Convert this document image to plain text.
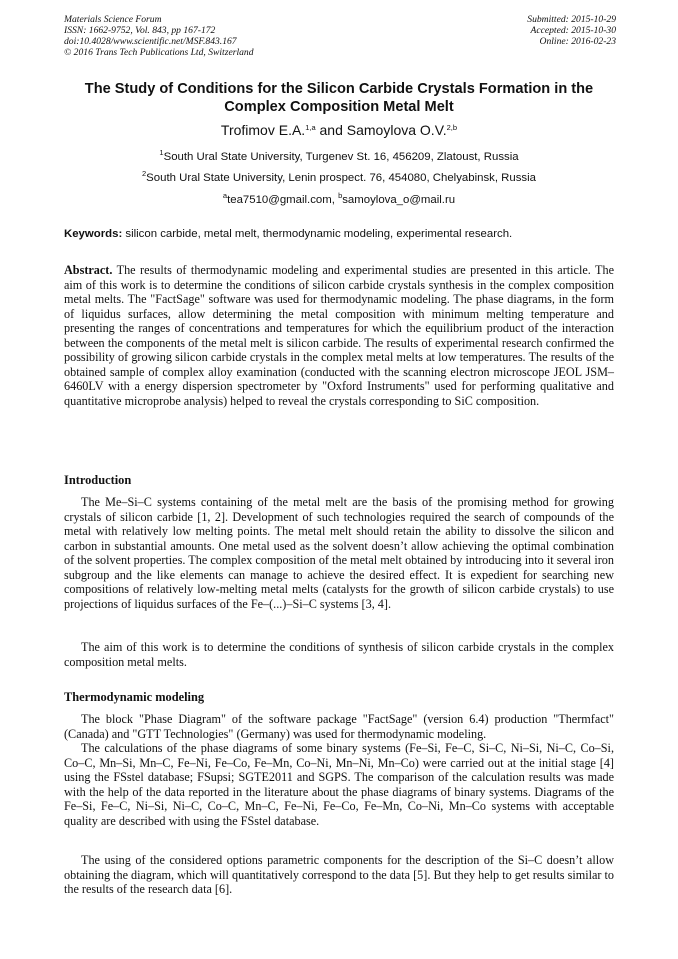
Materials Science Forum
ISSN: 1662-9752, Vol. 843, pp 167-172
doi:10.4028/www.scientific.net/MSF.843.167
© 2016 Trans Tech Publications Ltd, Switzerland
Submitted: 2015-10-29
Accepted: 2015-10-30
Online: 2016-02-23
The Study of Conditions for the Silicon Carbide Crystals Formation in the Complex Composition Metal Melt
Trofimov E.A.$^{1,a}$ and Samoylova O.V.$^{2,b}$
$^1$South Ural State University, Turgenev St. 16, 456209, Zlatoust, Russia
$^2$South Ural State University, Lenin prospect. 76, 454080, Chelyabinsk, Russia
$^a$tea7510@gmail.com, $^b$samoylova_o@mail.ru
Keywords: silicon carbide, metal melt, thermodynamic modeling, experimental research.
Abstract. The results of thermodynamic modeling and experimental studies are presented in this article. The aim of this work is to determine the conditions of silicon carbide crystals synthesis in the complex composition metal melts. The "FactSage" software was used for thermodynamic modeling. The phase diagrams, in the form of liquidus surfaces, allow determining the metal composition with minimum melting temperature and presenting the ranges of concentrations and temperatures for which the equilibrium product of the interaction between the components of the metal melt is silicon carbide. The results of experimental research confirmed the possibility of growing silicon carbide crystals in the complex metal melts at low temperatures. The results of the obtained sample of complex alloy examination (conducted with the scanning electron microscope JEOL JSM–6460LV with a energy dispersion spectrometer by "Oxford Instruments" used for performing qualitative and quantitative microprobe analysis) helped to reveal the crystals corresponding to SiC composition.
Introduction
The Me–Si–C systems containing of the metal melt are the basis of the promising method for growing crystals of silicon carbide [1, 2]. Development of such technologies required the search of compounds of the metal with relatively low melting points. The metal melt should retain the ability to dissolve the silicon and carbon in substantial amounts. One metal used as the solvent doesn’t allow achieving the optimal combination of the solvent properties. The complex composition of the metal melt obtained by introducing into it several iron subgroup and the like elements can manage to achieve the desired effect. It is expedient for searching new compositions of relatively low-melting metal melts (catalysts for the growth of silicon carbide crystals) to use projections of liquidus surfaces of the Fe–(...)–Si–C systems [3, 4].
The aim of this work is to determine the conditions of synthesis of silicon carbide crystals in the complex composition metal melts.
Thermodynamic modeling
The block "Phase Diagram" of the software package "FactSage" (version 6.4) production "Thermfact" (Canada) and "GTT Technologies" (Germany) was used for thermodynamic modeling.
The calculations of the phase diagrams of some binary systems (Fe–Si, Fe–C, Si–C, Ni–Si, Ni–C, Co–Si, Co–C, Mn–Si, Mn–C, Fe–Ni, Fe–Co, Fe–Mn, Co–Ni, Mn–Ni, Mn–Co) were carried out at the initial stage [4] using the FSstel database; FSupsi; SGTE2011 and SGPS. The comparison of the calculation results was made with the help of the data reported in the literature about the phase diagrams of binary systems. Diagrams of the Fe–Si, Fe–C, Ni–Si, Ni–C, Co–C, Mn–C, Fe–Ni, Fe–Co, Fe–Mn, Co–Ni, Mn–Co systems with acceptable quality are described with using the FSstel database.
The using of the considered options parametric components for the description of the Si–C doesn’t allow obtaining the diagram, which will quantitatively correspond to the data [5]. But they help to get results similar to the results of the research data [6].
